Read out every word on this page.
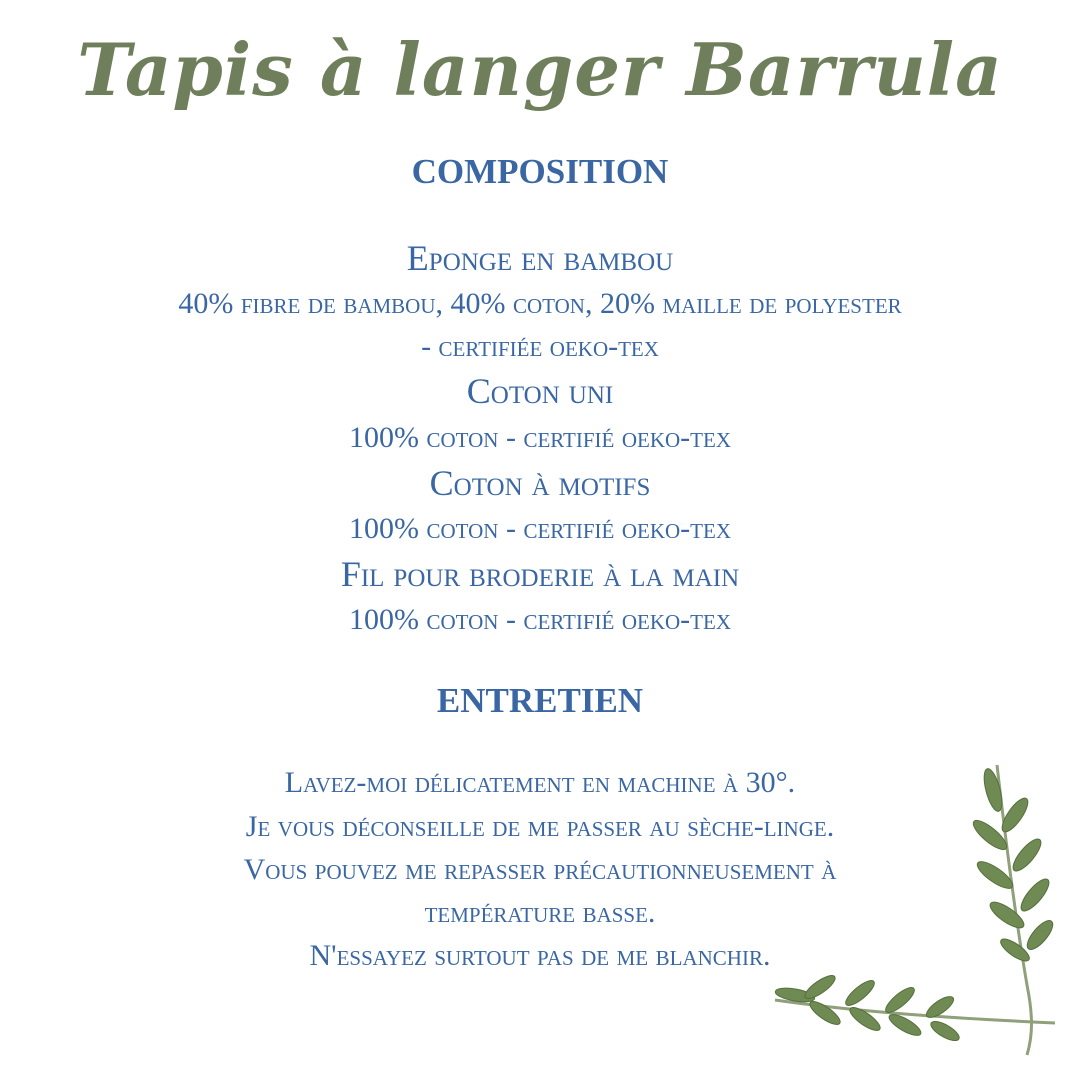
Tapis à langer Barrula
COMPOSITION

Eponge en bambou

40% fibre de bambou, 40% coton, 20% maille de polyester

- certifiée oeko-tex

Coton uni

100% coton - certifié oeko-tex

Coton à motifs

100% coton - certifié oeko-tex

Fil pour broderie à la main

100% coton - certifié oeko-tex

ENTRETIEN

Lavez-moi délicatement en machine à 30°.

Je vous déconseille de me passer au sèche-linge.

Vous pouvez me repasser précautionneusement à

température basse.

N'essayez surtout pas de me blanchir.
